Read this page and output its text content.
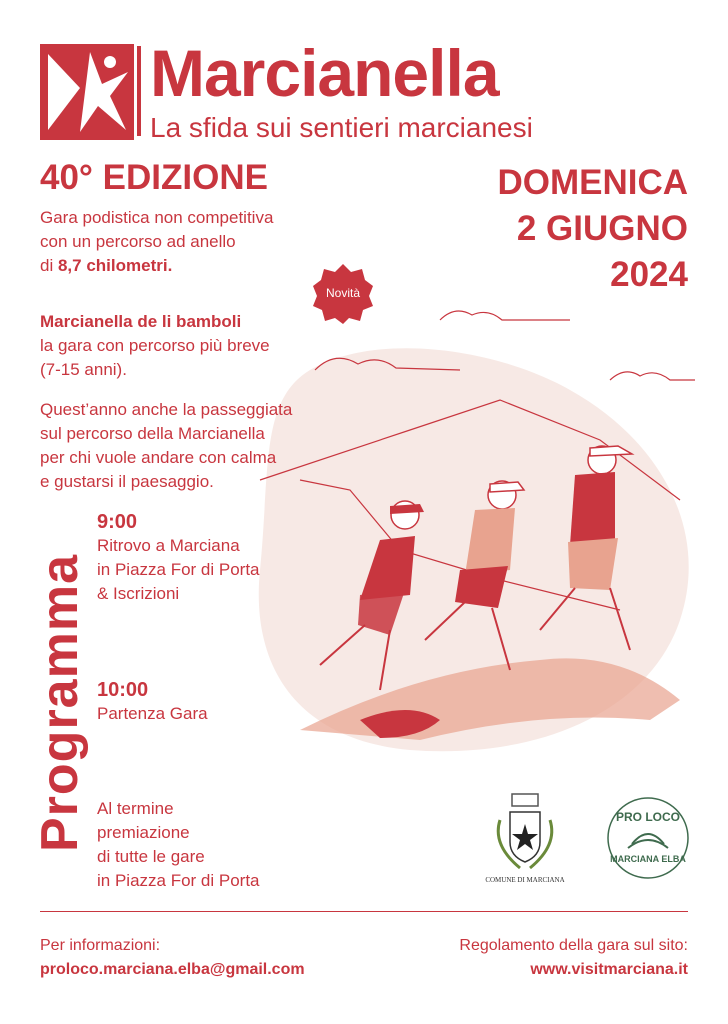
Marcianella
La sfida sui sentieri marcianesi
40° EDIZIONE	DOMENICA
2 GIUGNO
2024
Gara podistica non competitiva
con un percorso ad anello
di 8,7 chilometri.
Novità
Marcianella de li bamboli
la gara con percorso più breve
(7-15 anni).
Quest’anno anche la passeggiata
sul percorso della Marcianella
per chi vuole andare con calma
e gustarsi il paesaggio.
Programma
9:00
Ritrovo a Marciana
in Piazza For di Porta
& Iscrizioni
10:00
Partenza Gara
Al termine
premiazione
di tutte le gare
in Piazza For di Porta	COMUNE DI MARCIANA
PRO LOCO
MARCIANA ELBA
Per informazioni:
proloco.marciana.elba@gmail.com
Regolamento della gara sul sito:
www.visitmarciana.it
